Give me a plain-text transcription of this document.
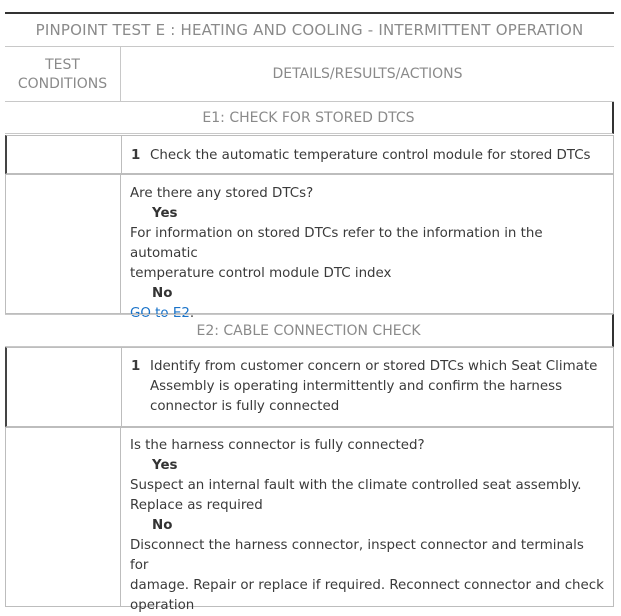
PINPOINT TEST E : HEATING AND COOLING - INTERMITTENT OPERATION
TEST
CONDITIONS
DETAILS/RESULTS/ACTIONS
E1: CHECK FOR STORED DTCS
1 Check the automatic temperature control module for stored DTCs
Are there any stored DTCs?
Yes
For information on stored DTCs refer to the information in the automatic
temperature control module DTC index
No
GO to E2.
E2: CABLE CONNECTION CHECK
1 Identify from customer concern or stored DTCs which Seat Climate
Assembly is operating intermittently and confirm the harness
connector is fully connected
Is the harness connector is fully connected?
Yes
Suspect an internal fault with the climate controlled seat assembly.
Replace as required
No
Disconnect the harness connector, inspect connector and terminals for
damage. Repair or replace if required. Reconnect connector and check
operation
